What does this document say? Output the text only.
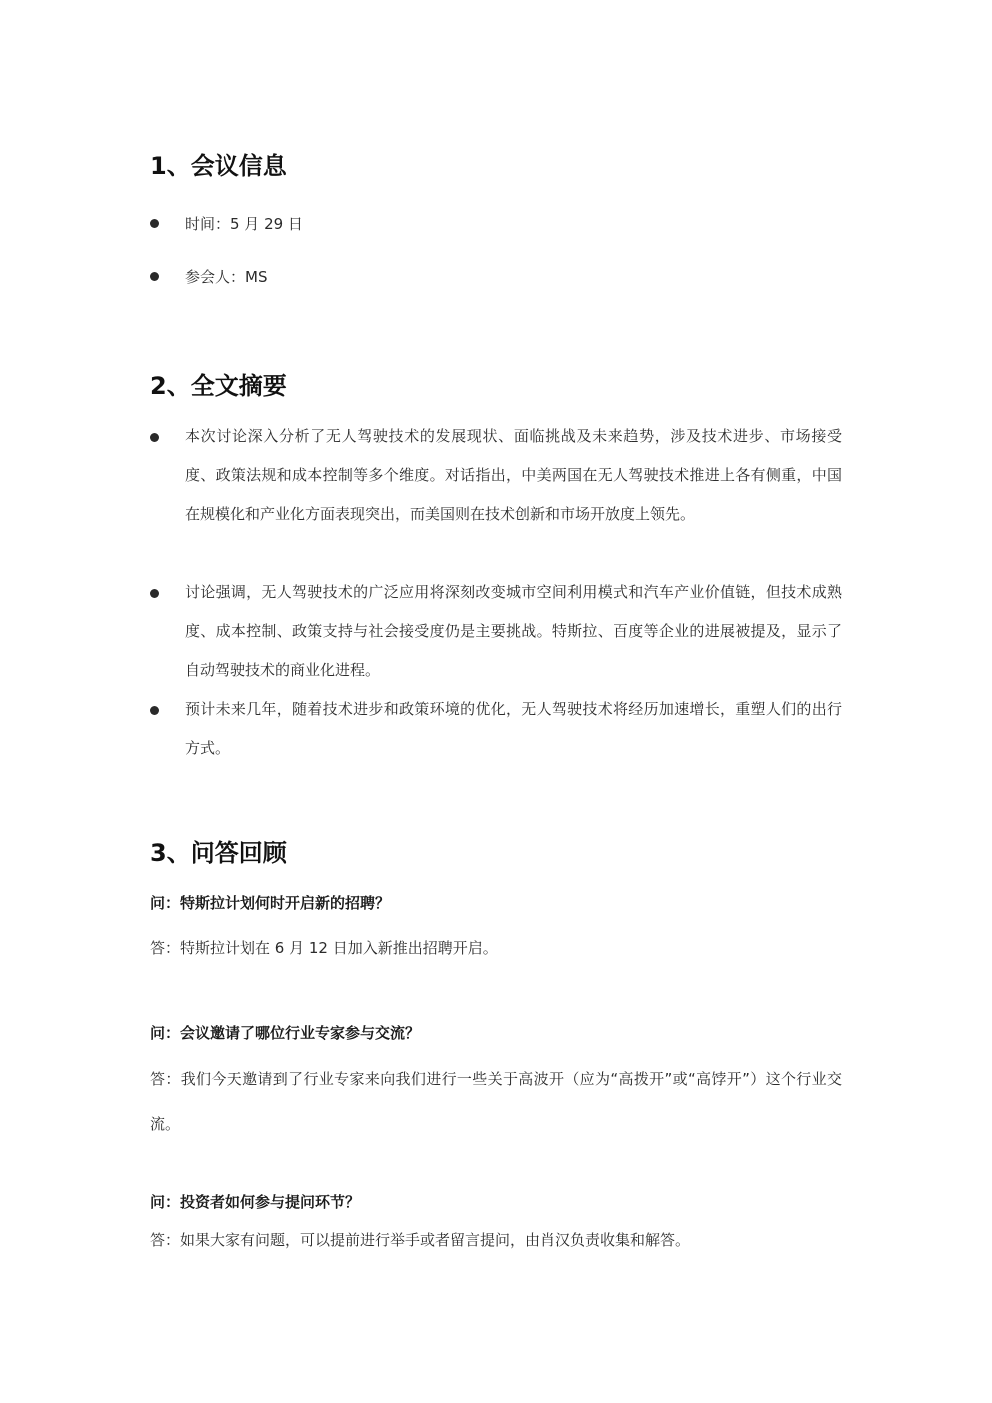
1、会议信息
时间：5 月 29 日
参会人：MS
2、全文摘要
本次讨论深入分析了无人驾驶技术的发展现状、面临挑战及未来趋势，涉及技术进步、市场接受度、政策法规和成本控制等多个维度。对话指出，中美两国在无人驾驶技术推进上各有侧重，中国在规模化和产业化方面表现突出，而美国则在技术创新和市场开放度上领先。
讨论强调，无人驾驶技术的广泛应用将深刻改变城市空间利用模式和汽车产业价值链，但技术成熟度、成本控制、政策支持与社会接受度仍是主要挑战。特斯拉、百度等企业的进展被提及，显示了自动驾驶技术的商业化进程。
预计未来几年，随着技术进步和政策环境的优化，无人驾驶技术将经历加速增长，重塑人们的出行方式。
3、问答回顾
问：特斯拉计划何时开启新的招聘？
答：特斯拉计划在 6 月 12 日加入新推出招聘开启。
问：会议邀请了哪位行业专家参与交流？
答：我们今天邀请到了行业专家来向我们进行一些关于高波开（应为“高拨开”或“高饽开”）这个行业交流。
问：投资者如何参与提问环节？
答：如果大家有问题，可以提前进行举手或者留言提问，由肖汉负责收集和解答。
